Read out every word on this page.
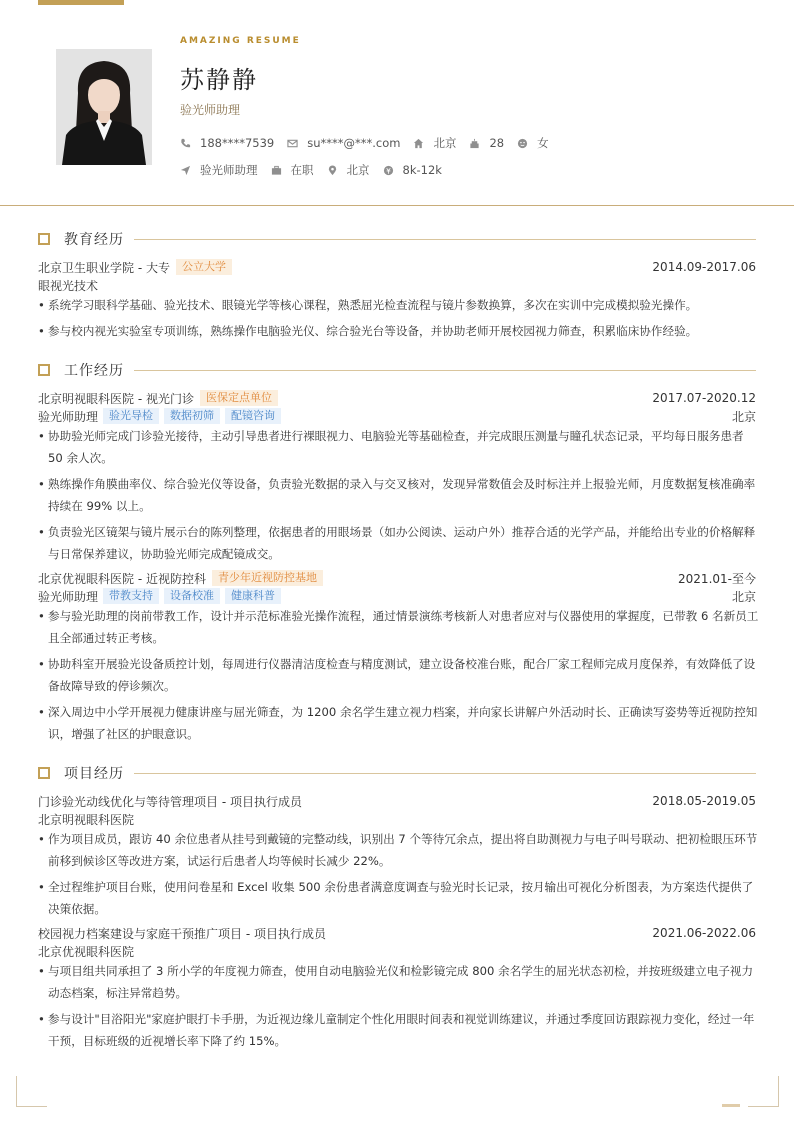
AMAZING RESUME
苏静静
验光师助理
188****7539	su****@***.com	北京	28	女
验光师助理	在职	北京	8k-12k
教育经历
北京卫生职业学院 - 大专	公立大学	2014.09-2017.06
眼视光技术
• 系统学习眼科学基础、验光技术、眼镜光学等核心课程，熟悉屈光检查流程与镜片参数换算，多次在实训中完成模拟验光操作。
• 参与校内视光实验室专项训练，熟练操作电脑验光仪、综合验光台等设备，并协助老师开展校园视力筛查，积累临床协作经验。
工作经历
北京明视眼科医院 - 视光门诊	医保定点单位	2017.07-2020.12
验光师助理	验光导检	数据初筛	配镜咨询	北京
• 协助验光师完成门诊验光接待，主动引导患者进行裸眼视力、电脑验光等基础检查，并完成眼压测量与瞳孔状态记录，平均每日服务患者 50 余人次。
• 熟练操作角膜曲率仪、综合验光仪等设备，负责验光数据的录入与交叉核对，发现异常数值会及时标注并上报验光师，月度数据复核准确率持续在 99% 以上。
• 负责验光区镜架与镜片展示台的陈列整理，依据患者的用眼场景（如办公阅读、运动户外）推荐合适的光学产品，并能给出专业的价格解释与日常保养建议，协助验光师完成配镜成交。
北京优视眼科医院 - 近视防控科	青少年近视防控基地	2021.01-至今
验光师助理	带教支持	设备校准	健康科普	北京
• 参与验光助理的岗前带教工作，设计并示范标准验光操作流程，通过情景演练考核新人对患者应对与仪器使用的掌握度，已带教 6 名新员工且全部通过转正考核。
• 协助科室开展验光设备质控计划，每周进行仪器清洁度检查与精度测试，建立设备校准台账，配合厂家工程师完成月度保养，有效降低了设备故障导致的停诊频次。
• 深入周边中小学开展视力健康讲座与屈光筛查，为 1200 余名学生建立视力档案，并向家长讲解户外活动时长、正确读写姿势等近视防控知识，增强了社区的护眼意识。
项目经历
门诊验光动线优化与等待管理项目 - 项目执行成员	2018.05-2019.05
北京明视眼科医院
• 作为项目成员，跟访 40 余位患者从挂号到戴镜的完整动线，识别出 7 个等待冗余点，提出将自助测视力与电子叫号联动、把初检眼压环节前移到候诊区等改进方案，试运行后患者人均等候时长减少 22%。
• 全过程维护项目台账，使用问卷星和 Excel 收集 500 余份患者满意度调查与验光时长记录，按月输出可视化分析图表，为方案迭代提供了决策依据。
校园视力档案建设与家庭干预推广项目 - 项目执行成员	2021.06-2022.06
北京优视眼科医院
• 与项目组共同承担了 3 所小学的年度视力筛查，使用自动电脑验光仪和检影镜完成 800 余名学生的屈光状态初检，并按班级建立电子视力动态档案，标注异常趋势。
• 参与设计"目浴阳光"家庭护眼打卡手册，为近视边缘儿童制定个性化用眼时间表和视觉训练建议，并通过季度回访跟踪视力变化，经过一年干预，目标班级的近视增长率下降了约 15%。
